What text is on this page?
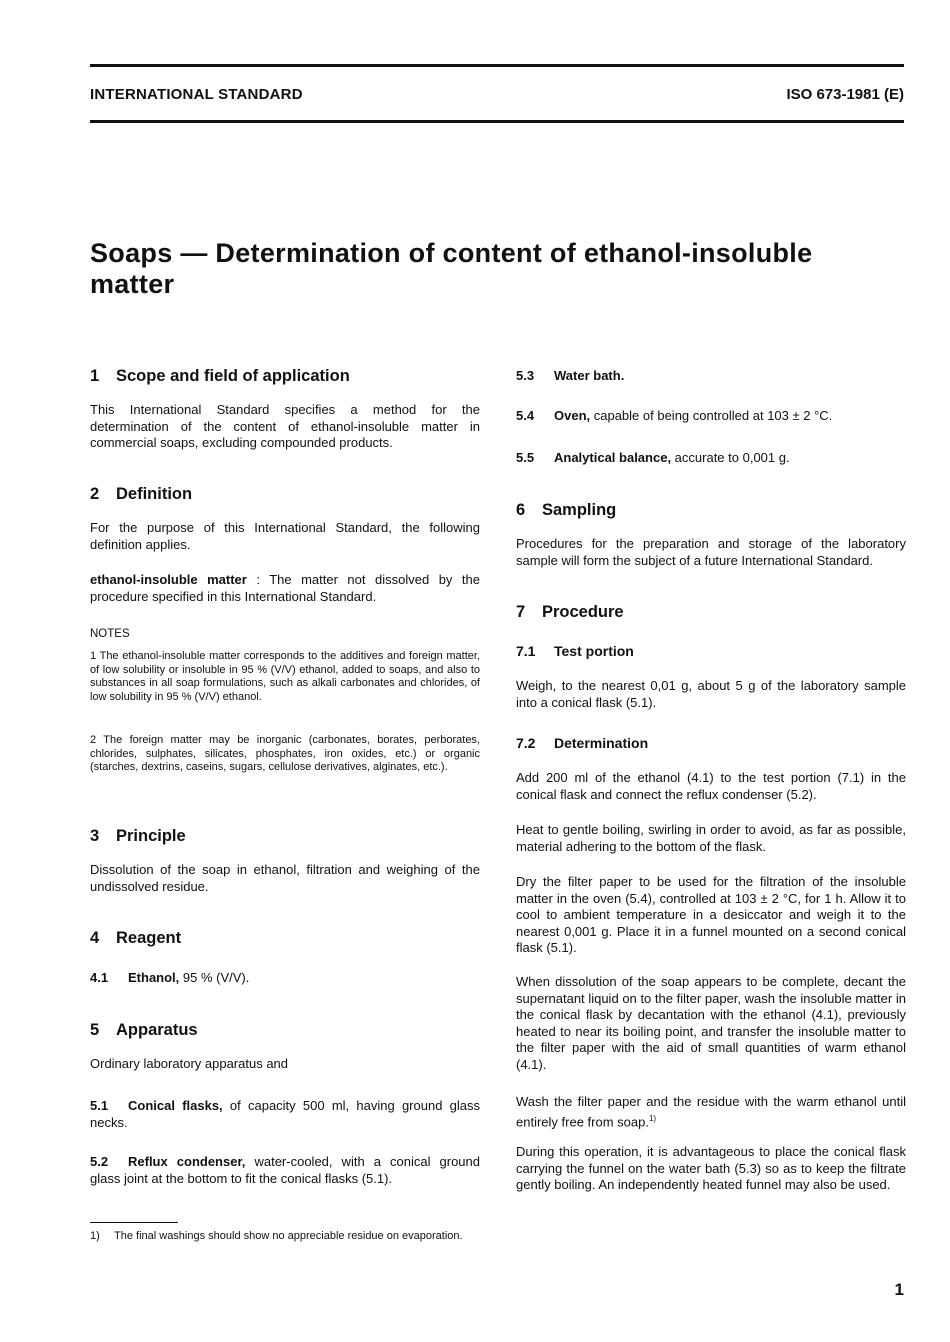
INTERNATIONAL STANDARD	ISO 673-1981 (E)
Soaps — Determination of content of ethanol-insoluble
matter
1 Scope and field of application

This International Standard specifies a method for the determination of the content of ethanol-insoluble matter in commercial soaps, excluding compounded products.

2 Definition

For the purpose of this International Standard, the following definition applies.

ethanol-insoluble matter : The matter not dissolved by the procedure specified in this International Standard.

NOTES

1 The ethanol-insoluble matter corresponds to the additives and foreign matter, of low solubility or insoluble in 95 % (V/V) ethanol, added to soaps, and also to substances in all soap formulations, such as alkali carbonates and chlorides, of low solubility in 95 % (V/V) ethanol.

2 The foreign matter may be inorganic (carbonates, borates, perborates, chlorides, sulphates, silicates, phosphates, iron oxides, etc.) or organic (starches, dextrins, caseins, sugars, cellulose derivatives, alginates, etc.).

3 Principle

Dissolution of the soap in ethanol, filtration and weighing of the undissolved residue.

4 Reagent

4.1 Ethanol, 95 % (V/V).

5 Apparatus

Ordinary laboratory apparatus and

5.1 Conical flasks, of capacity 500 ml, having ground glass necks.

5.2 Reflux condenser, water-cooled, with a conical ground glass joint at the bottom to fit the conical flasks (5.1).

5.3 Water bath.

5.4 Oven, capable of being controlled at 103 ± 2 °C.

5.5 Analytical balance, accurate to 0,001 g.

6 Sampling

Procedures for the preparation and storage of the laboratory sample will form the subject of a future International Standard.

7 Procedure
7.1 Test portion

Weigh, to the nearest 0,01 g, about 5 g of the laboratory sample into a conical flask (5.1).

7.2 Determination

Add 200 ml of the ethanol (4.1) to the test portion (7.1) in the conical flask and connect the reflux condenser (5.2).

Heat to gentle boiling, swirling in order to avoid, as far as possible, material adhering to the bottom of the flask.

Dry the filter paper to be used for the filtration of the insoluble matter in the oven (5.4), controlled at 103 ± 2 °C, for 1 h. Allow it to cool to ambient temperature in a desiccator and weigh it to the nearest 0,001 g. Place it in a funnel mounted on a second conical flask (5.1).

When dissolution of the soap appears to be complete, decant the supernatant liquid on to the filter paper, wash the insoluble matter in the conical flask by decantation with the ethanol (4.1), previously heated to near its boiling point, and transfer the insoluble matter to the filter paper with the aid of small quantities of warm ethanol (4.1).

Wash the filter paper and the residue with the warm ethanol until entirely free from soap.$^{1)}$

During this operation, it is advantageous to place the conical flask carrying the funnel on the water bath (5.3) so as to keep the filtrate gently boiling. An independently heated funnel may also be used.

1) The final washings should show no appreciable residue on evaporation.
1
